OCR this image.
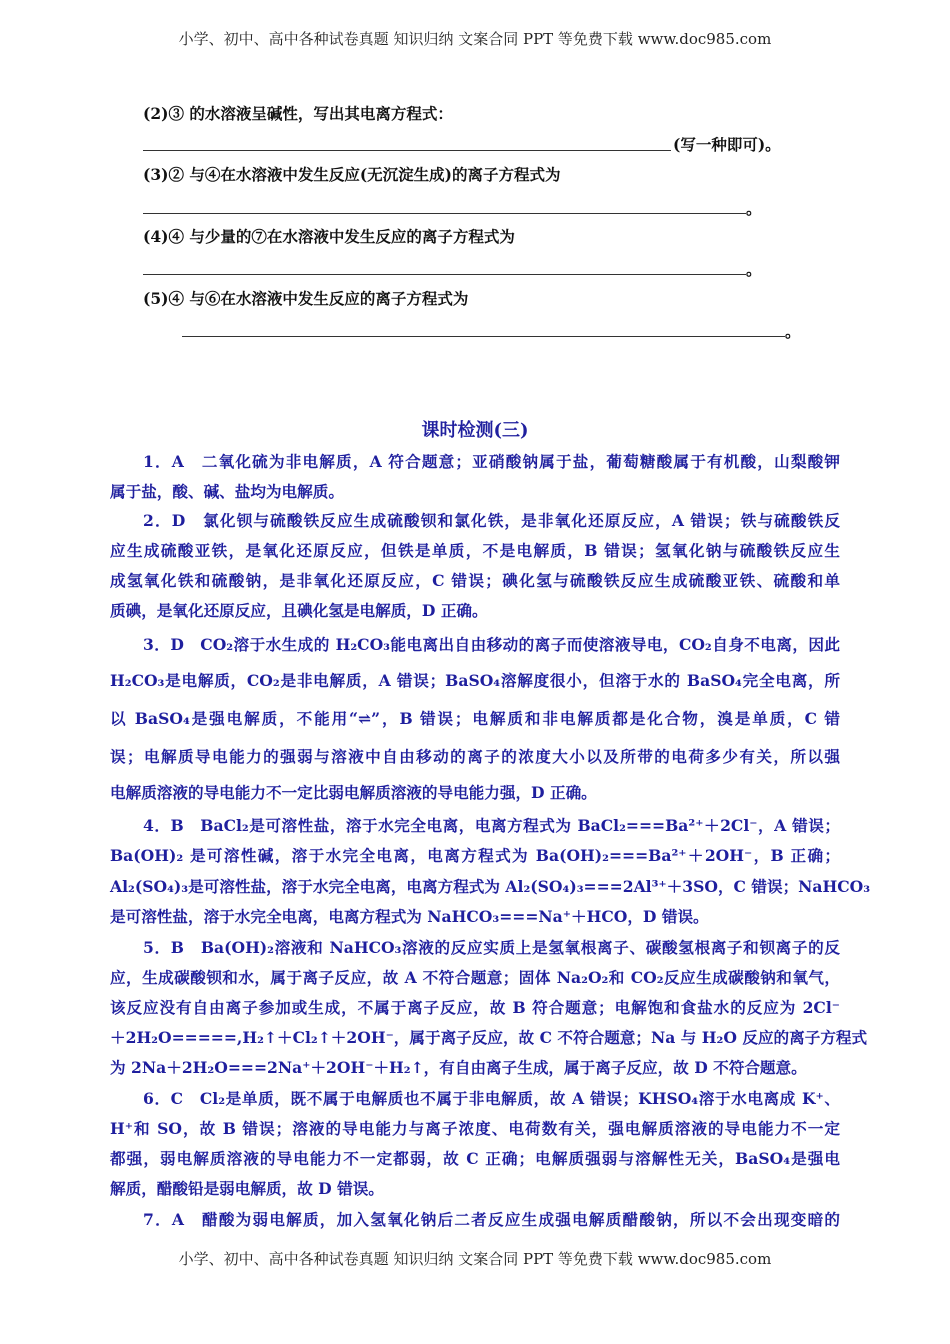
小学、初中、高中各种试卷真题 知识归纳 文案合同 PPT 等免费下载 www.doc985.com
(2)③ 的水溶液呈碱性，写出其电离方程式：
(写一种即可)。
(3)② 与④在水溶液中发生反应(无沉淀生成)的离子方程式为
。
(4)④ 与少量的⑦在水溶液中发生反应的离子方程式为
。
(5)④ 与⑥在水溶液中发生反应的离子方程式为
。
课时检测(三)
1．A　二氧化硫为非电解质，A 符合题意；亚硝酸钠属于盐，葡萄糖酸属于有机酸，山梨酸钾
属于盐，酸、碱、盐均为电解质。
2．D　氯化钡与硫酸铁反应生成硫酸钡和氯化铁，是非氧化还原反应，A 错误；铁与硫酸铁反
应生成硫酸亚铁，是氧化还原反应，但铁是单质，不是电解质，B 错误；氢氧化钠与硫酸铁反应生
成氢氧化铁和硫酸钠，是非氧化还原反应，C 错误；碘化氢与硫酸铁反应生成硫酸亚铁、硫酸和单
质碘，是氧化还原反应，且碘化氢是电解质，D 正确。
3．D　CO₂溶于水生成的 H₂CO₃能电离出自由移动的离子而使溶液导电，CO₂自身不电离，因此
H₂CO₃是电解质，CO₂是非电解质，A 错误；BaSO₄溶解度很小，但溶于水的 BaSO₄完全电离，所
以 BaSO₄是强电解质，不能用“⇌”，B 错误；电解质和非电解质都是化合物，溴是单质，C 错
误；电解质导电能力的强弱与溶液中自由移动的离子的浓度大小以及所带的电荷多少有关，所以强
电解质溶液的导电能力不一定比弱电解质溶液的导电能力强，D 正确。
4．B　BaCl₂是可溶性盐，溶于水完全电离，电离方程式为 BaCl₂===Ba²⁺＋2Cl⁻，A 错误；
Ba(OH)₂ 是可溶性碱，溶于水完全电离，电离方程式为 Ba(OH)₂===Ba²⁺＋2OH⁻，B 正确；
Al₂(SO₄)₃是可溶性盐，溶于水完全电离，电离方程式为 Al₂(SO₄)₃===2Al³⁺＋3SO，C 错误；NaHCO₃
是可溶性盐，溶于水完全电离，电离方程式为 NaHCO₃===Na⁺＋HCO，D 错误。
5．B　Ba(OH)₂溶液和 NaHCO₃溶液的反应实质上是氢氧根离子、碳酸氢根离子和钡离子的反
应，生成碳酸钡和水，属于离子反应，故 A 不符合题意；固体 Na₂O₂和 CO₂反应生成碳酸钠和氧气，
该反应没有自由离子参加或生成，不属于离子反应，故 B 符合题意；电解饱和食盐水的反应为 2Cl⁻
＋2H₂O=====,H₂↑＋Cl₂↑＋2OH⁻，属于离子反应，故 C 不符合题意；Na 与 H₂O 反应的离子方程式
为 2Na＋2H₂O===2Na⁺＋2OH⁻＋H₂↑，有自由离子生成，属于离子反应，故 D 不符合题意。
6．C　Cl₂是单质，既不属于电解质也不属于非电解质，故 A 错误；KHSO₄溶于水电离成 K⁺、
H⁺和 SO，故 B 错误；溶液的导电能力与离子浓度、电荷数有关，强电解质溶液的导电能力不一定
都强，弱电解质溶液的导电能力不一定都弱，故 C 正确；电解质强弱与溶解性无关，BaSO₄是强电
解质，醋酸铅是弱电解质，故 D 错误。
7．A　醋酸为弱电解质，加入氢氧化钠后二者反应生成强电解质醋酸钠，所以不会出现变暗的
小学、初中、高中各种试卷真题 知识归纳 文案合同 PPT 等免费下载 www.doc985.com
